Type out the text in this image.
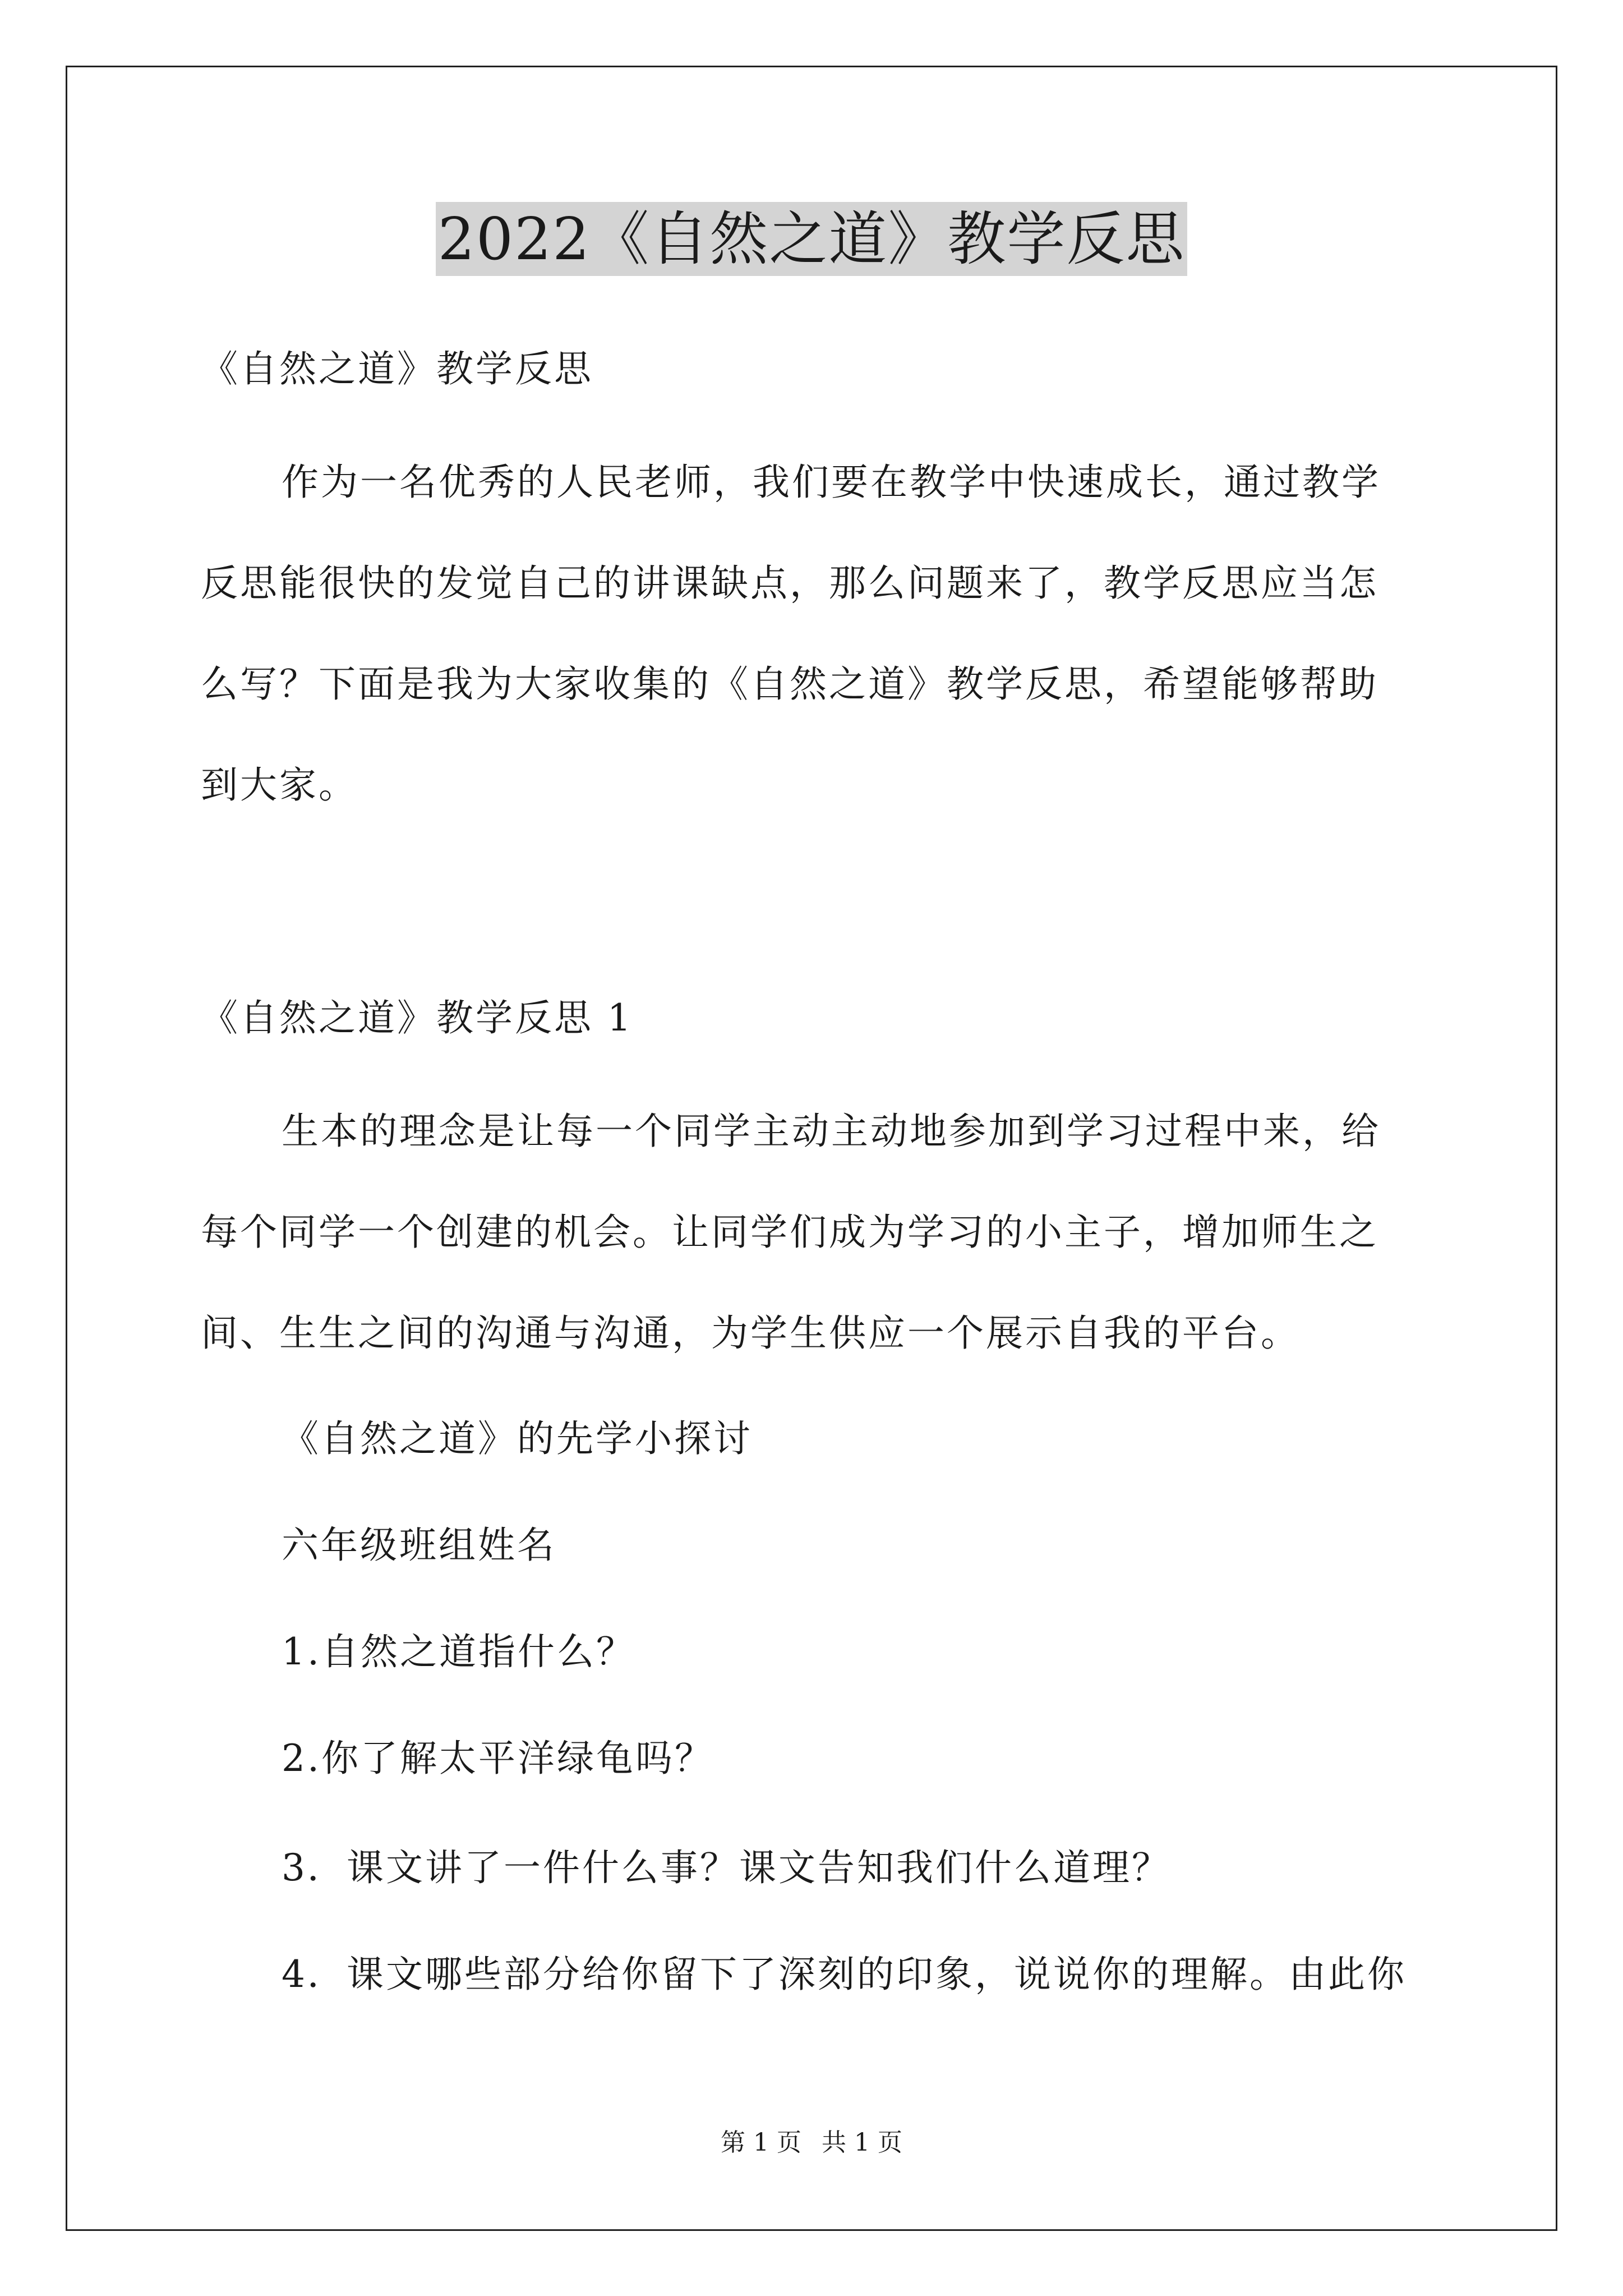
2022《自然之道》教学反思
《自然之道》教学反思
作为一名优秀的人民老师，我们要在教学中快速成长，通过教学
反思能很快的发觉自己的讲课缺点，那么问题来了，教学反思应当怎
么写？下面是我为大家收集的《自然之道》教学反思，希望能够帮助
到大家。
《自然之道》教学反思 1
生本的理念是让每一个同学主动主动地参加到学习过程中来，给
每个同学一个创建的机会。让同学们成为学习的小主子，增加师生之
间、生生之间的沟通与沟通，为学生供应一个展示自我的平台。
《自然之道》的先学小探讨
六年级班组姓名
1.自然之道指什么？
2.你了解太平洋绿龟吗？
3．课文讲了一件什么事？课文告知我们什么道理？
4．课文哪些部分给你留下了深刻的印象，说说你的理解。由此你
第 1 页 共 1 页
